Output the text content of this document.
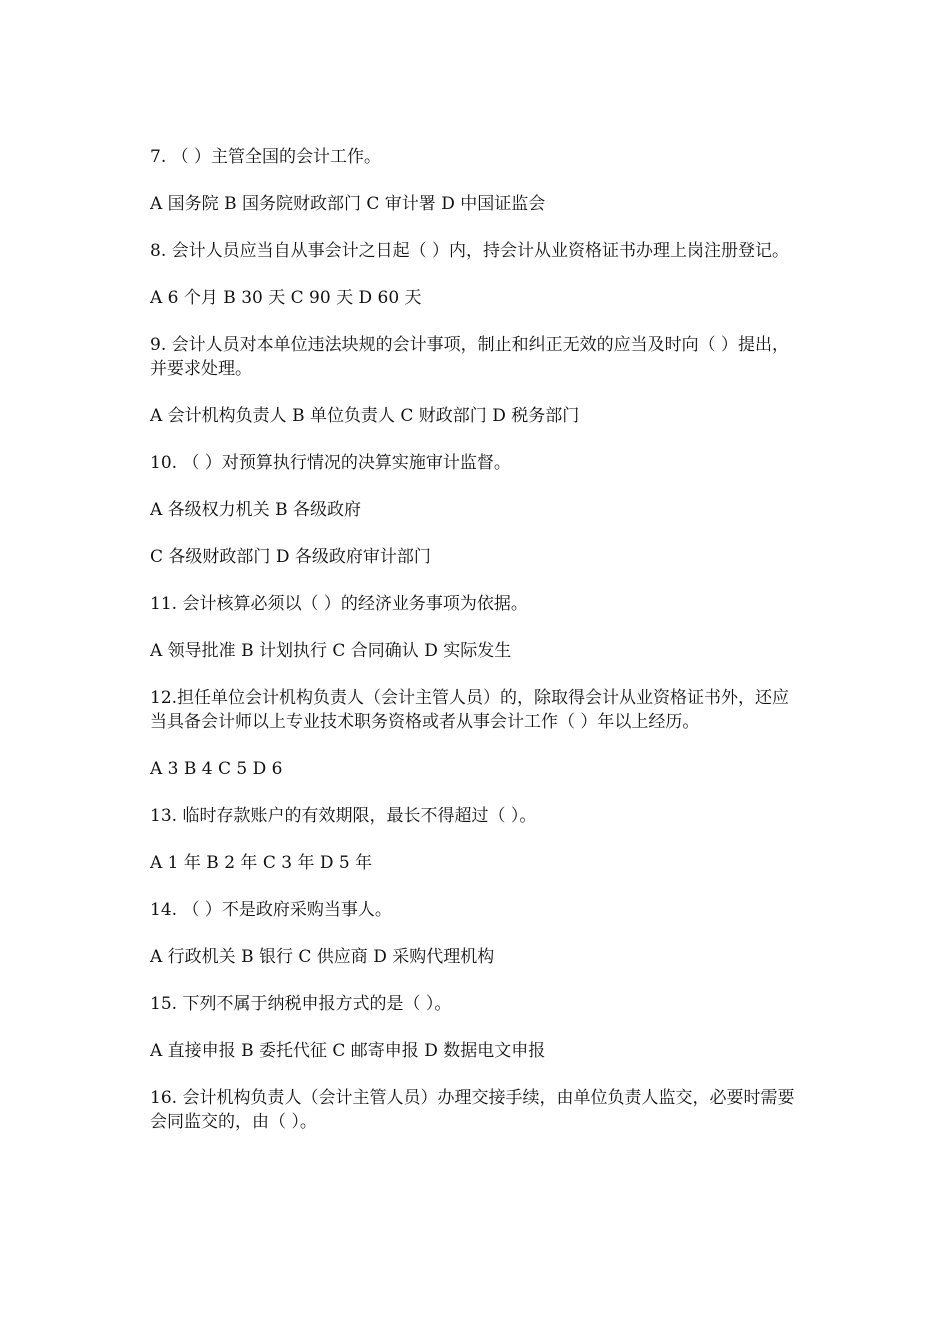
7. （ ）主管全国的会计工作。

A 国务院 B 国务院财政部门 C 审计署 D 中国证监会

8. 会计人员应当自从事会计之日起（ ）内，持会计从业资格证书办理上岗注册登记。

A 6 个月 B 30 天 C 90 天 D 60 天

9. 会计人员对本单位违法块规的会计事项，制止和纠正无效的应当及时向（ ）提出，并要求处理。

A 会计机构负责人 B 单位负责人 C 财政部门 D 税务部门

10. （ ）对预算执行情况的决算实施审计监督。

A 各级权力机关 B 各级政府

C 各级财政部门 D 各级政府审计部门

11. 会计核算必须以（ ）的经济业务事项为依据。

A 领导批准 B 计划执行 C 合同确认 D 实际发生

12.担任单位会计机构负责人（会计主管人员）的，除取得会计从业资格证书外，还应当具备会计师以上专业技术职务资格或者从事会计工作（ ）年以上经历。

A 3 B 4 C 5 D 6

13. 临时存款账户的有效期限，最长不得超过（ ）。

A 1 年 B 2 年 C 3 年 D 5 年

14. （ ）不是政府采购当事人。

A 行政机关 B 银行 C 供应商 D 采购代理机构

15. 下列不属于纳税申报方式的是（ ）。

A 直接申报 B 委托代征 C 邮寄申报 D 数据电文申报

16. 会计机构负责人（会计主管人员）办理交接手续，由单位负责人监交，必要时需要会同监交的，由（ ）。
